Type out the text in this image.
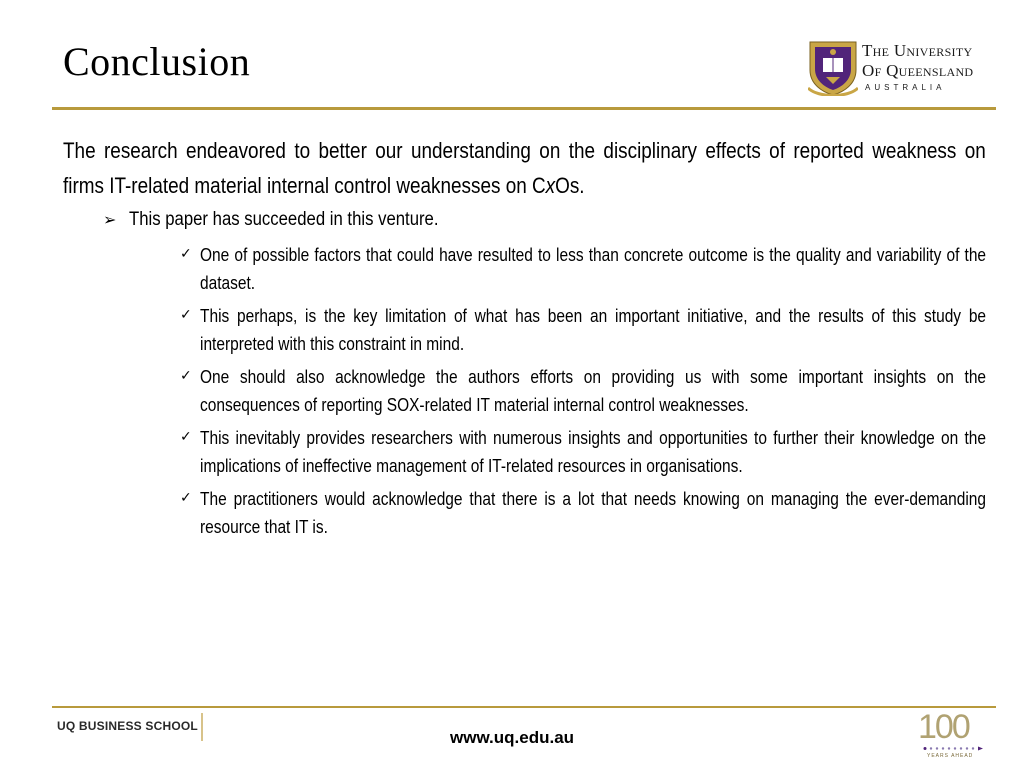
Conclusion	The University
Of Queensland
AUSTRALIA

The research endeavored to better our understanding on the disciplinary effects of reported weakness on firms IT-related material internal control weaknesses on CxOs.

➢ This paper has succeeded in this venture.
✓ One of possible factors that could have resulted to less than concrete outcome is the quality and variability of the dataset.
✓ This perhaps, is the key limitation of what has been an important initiative, and the results of this study be interpreted with this constraint in mind.
✓ One should also acknowledge the authors efforts on providing us with some important insights on the consequences of reporting SOX-related IT material internal control weaknesses.
✓ This inevitably provides researchers with numerous insights and opportunities to further their knowledge on the implications of ineffective management of IT-related resources in organisations.
✓ The practitioners would acknowledge that there is a lot that needs knowing on managing the ever-demanding resource that IT is.
UQ BUSINESS SCHOOL
www.uq.edu.au	100
YEARS AHEAD
